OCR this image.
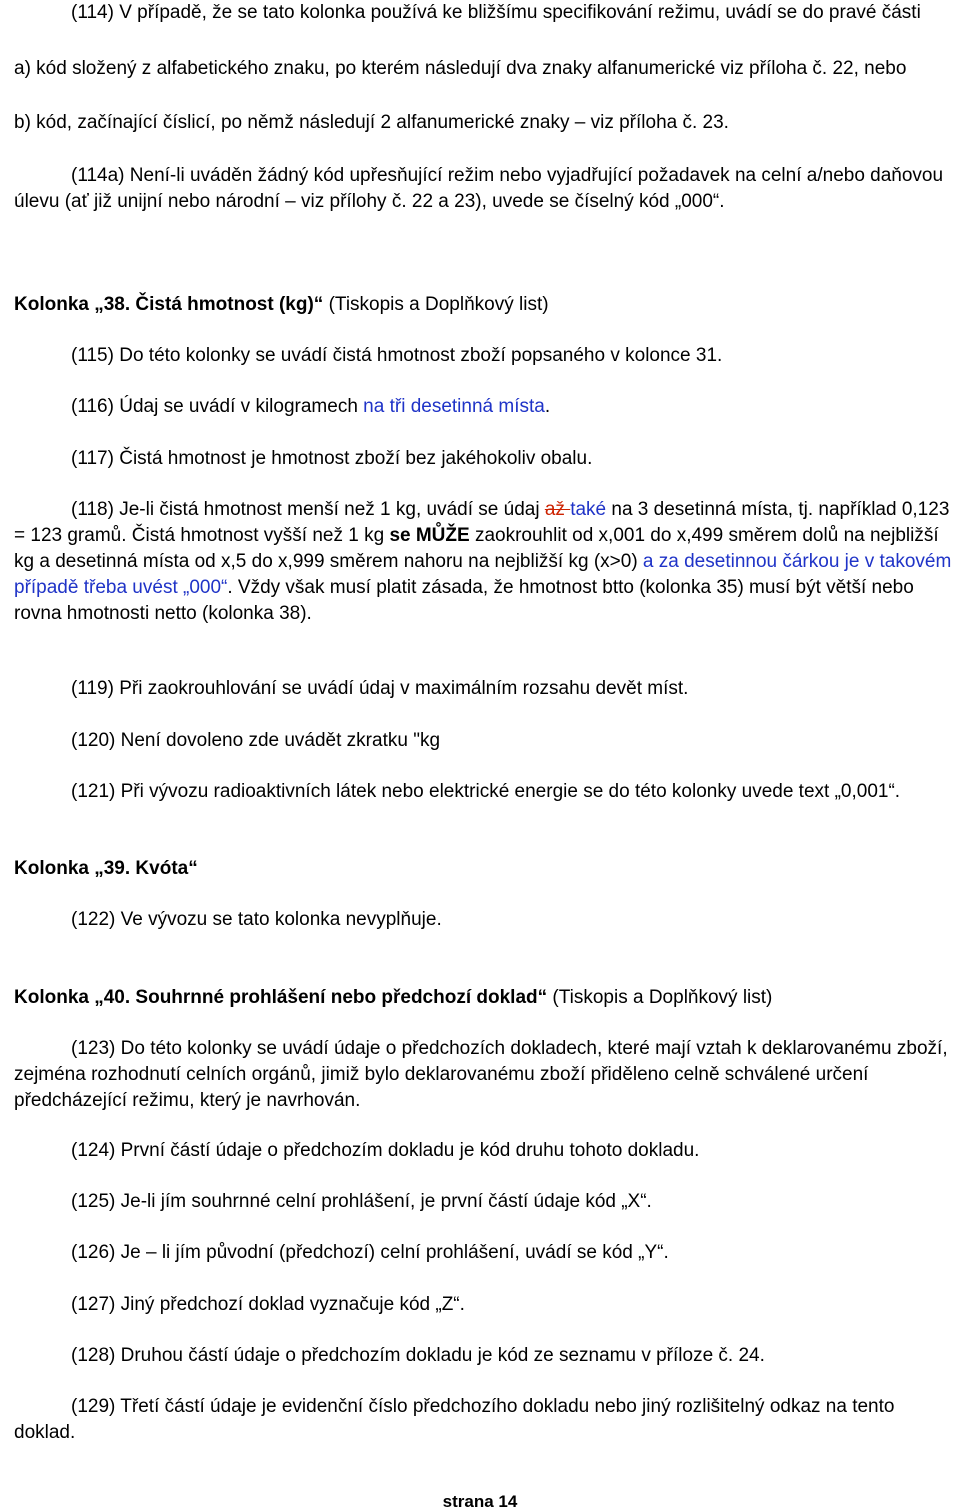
(114) V případě, že se tato kolonka používá ke bližšímu specifikování režimu, uvádí se do pravé části

a) kód složený z alfabetického znaku, po kterém následují dva znaky alfanumerické viz příloha č. 22, nebo

b) kód, začínající číslicí, po němž následují 2 alfanumerické znaky – viz příloha č. 23.

(114a) Není-li uváděn žádný kód upřesňující režim nebo vyjadřující požadavek na celní a/nebo daňovou úlevu (ať již unijní nebo národní – viz přílohy č. 22 a 23), uvede se číselný kód „000“.

Kolonka „38. Čistá hmotnost (kg)“ (Tiskopis a Doplňkový list)

(115) Do této kolonky se uvádí čistá hmotnost zboží popsaného v kolonce 31.

(116) Údaj se uvádí v kilogramech na tři desetinná místa.

(117) Čistá hmotnost je hmotnost zboží bez jakéhokoliv obalu.

(118) Je-li čistá hmotnost menší než 1 kg, uvádí se údaj až také na 3 desetinná místa, tj. například 0,123 = 123 gramů. Čistá hmotnost vyšší než 1 kg se MŮŽE zaokrouhlit od x,001 do x,499 směrem dolů na nejbližší kg a desetinná místa od x,5 do x,999 směrem nahoru na nejbližší kg (x>0) a za desetinnou čárkou je v takovém případě třeba uvést „000“. Vždy však musí platit zásada, že hmotnost btto (kolonka 35) musí být větší nebo rovna hmotnosti netto (kolonka 38).

(119) Při zaokrouhlování se uvádí údaj v maximálním rozsahu devět míst.

(120) Není dovoleno zde uvádět zkratku "kg

(121) Při vývozu radioaktivních látek nebo elektrické energie se do této kolonky uvede text „0,001“.

Kolonka „39. Kvóta“

(122) Ve vývozu se tato kolonka nevyplňuje.

Kolonka „40. Souhrnné prohlášení nebo předchozí doklad“ (Tiskopis a Doplňkový list)

(123) Do této kolonky se uvádí údaje o předchozích dokladech, které mají vztah k deklarovanému zboží, zejména rozhodnutí celních orgánů, jimiž bylo deklarovanému zboží přiděleno celně schválené určení předcházející režimu, který je navrhován.

(124) První částí údaje o předchozím dokladu je kód druhu tohoto dokladu.

(125) Je-li jím souhrnné celní prohlášení, je první částí údaje kód „X“.

(126) Je – li jím původní (předchozí) celní prohlášení, uvádí se kód „Y“.

(127) Jiný předchozí doklad vyznačuje kód „Z“.

(128) Druhou částí údaje o předchozím dokladu je kód ze seznamu v příloze č. 24.

(129) Třetí částí údaje je evidenční číslo předchozího dokladu nebo jiný rozlišitelný odkaz na tento doklad.

strana 14
